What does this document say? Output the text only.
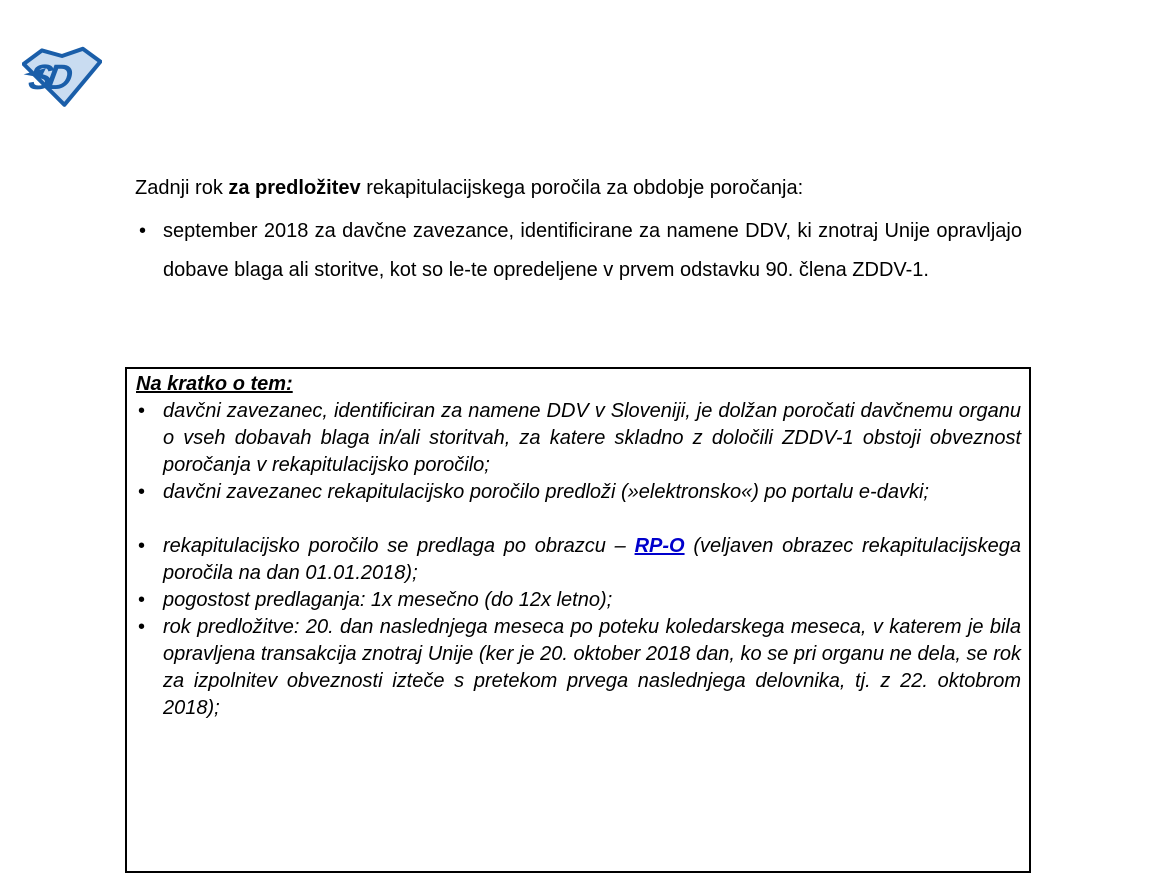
SD
Zadnji rok za predložitev rekapitulacijskega poročila za obdobje poročanja:
• september 2018 za davčne zavezance, identificirane za namene DDV, ki znotraj Unije opravljajo dobave blaga ali storitve, kot so le-te opredeljene v prvem odstavku 90. člena ZDDV-1.

Na kratko o tem:

• davčni zavezanec, identificiran za namene DDV v Sloveniji, je dolžan poročati davčnemu organu o vseh dobavah blaga in/ali storitvah, za katere skladno z določili ZDDV-1 obstoji obveznost poročanja v rekapitulacijsko poročilo;
• davčni zavezanec rekapitulacijsko poročilo predloži (»elektronsko«) po portalu e-davki;
• rekapitulacijsko poročilo se predlaga po obrazcu – RP-O (veljaven obrazec rekapitulacijskega poročila na dan 01.01.2018);
• pogostost predlaganja: 1x mesečno (do 12x letno);
• rok predložitve: 20. dan naslednjega meseca po poteku koledarskega meseca, v katerem je bila opravljena transakcija znotraj Unije (ker je 20. oktober 2018 dan, ko se pri organu ne dela, se rok za izpolnitev obveznosti izteče s pretekom prvega naslednjega delovnika, tj. z 22. oktobrom 2018);
